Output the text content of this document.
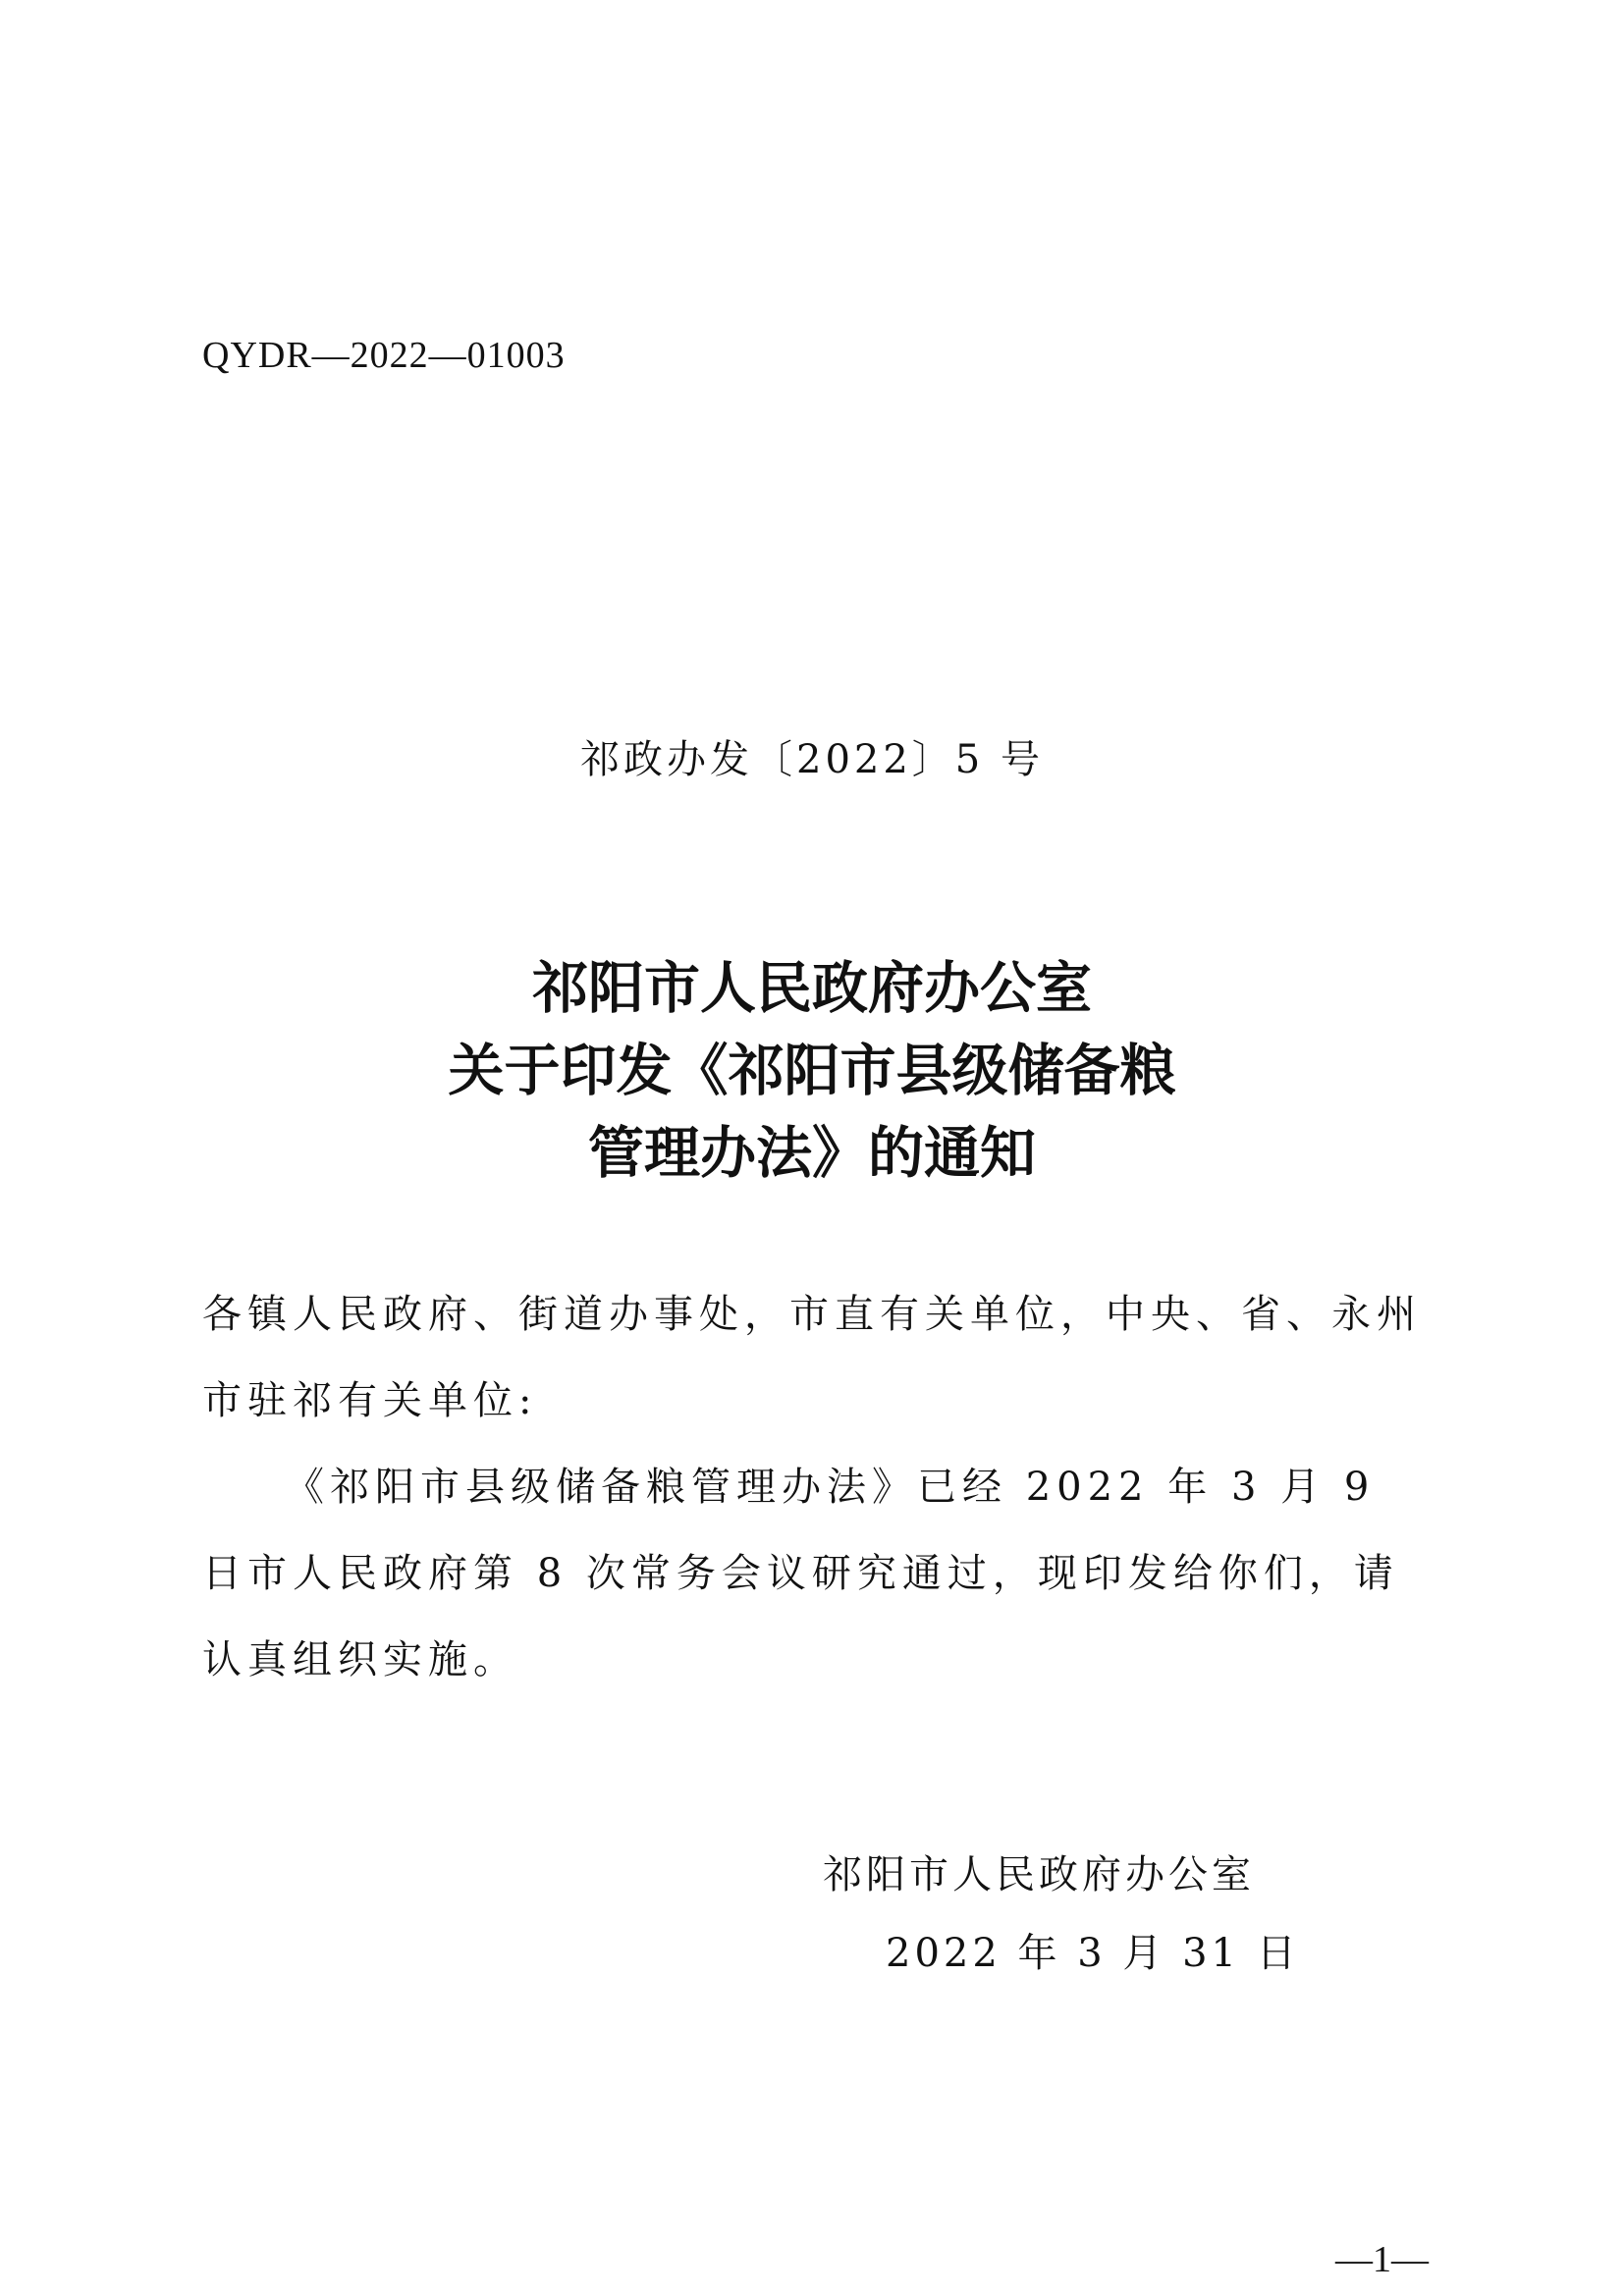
QYDR—2022—01003
祁政办发〔2022〕5 号
祁阳市人民政府办公室
关于印发《祁阳市县级储备粮
管理办法》的通知

各镇人民政府、街道办事处，市直有关单位，中央、省、永州市驻祁有关单位:

《祁阳市县级储备粮管理办法》已经 2022 年 3 月 9 日市人民政府第 8 次常务会议研究通过，现印发给你们，请认真组织实施。

祁阳市人民政府办公室
2022 年 3 月 31 日
—1—
